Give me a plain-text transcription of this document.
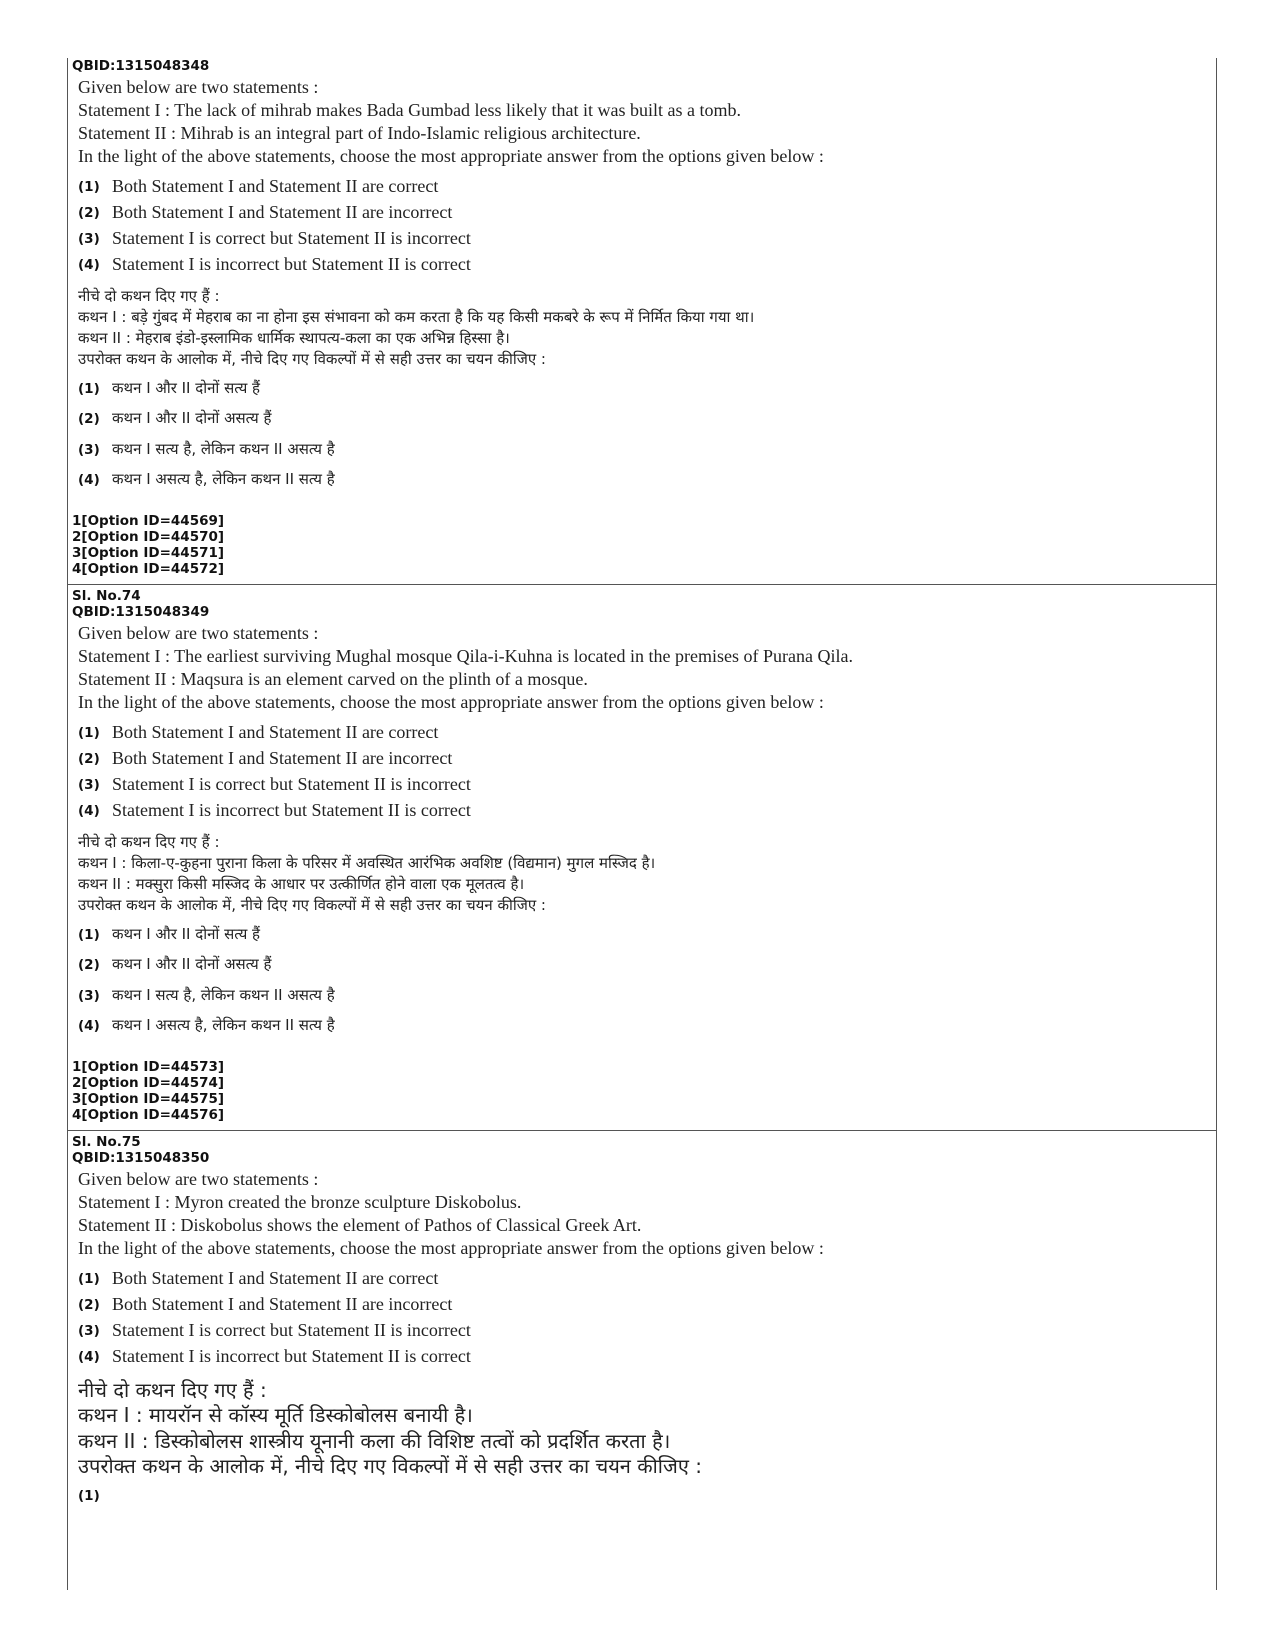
QBID:1315048348
Given below are two statements :
Statement I : The lack of mihrab makes Bada Gumbad less likely that it was built as a tomb.
Statement II : Mihrab is an integral part of Indo-Islamic religious architecture.
In the light of the above statements, choose the most appropriate answer from the options given below :
(1) Both Statement I and Statement II are correct
(2) Both Statement I and Statement II are incorrect
(3) Statement I is correct but Statement II is incorrect
(4) Statement I is incorrect but Statement II is correct
नीचे दो कथन दिए गए हैं :
कथन I : बड़े गुंबद में मेहराब का ना होना इस संभावना को कम करता है कि यह किसी मकबरे के रूप में निर्मित किया गया था।
कथन II : मेहराब इंडो-इस्लामिक धार्मिक स्थापत्य-कला का एक अभिन्न हिस्सा है।
उपरोक्त कथन के आलोक में, नीचे दिए गए विकल्पों में से सही उत्तर का चयन कीजिए :
(1) कथन I और II दोनों सत्य हैं
(2) कथन I और II दोनों असत्य हैं
(3) कथन I सत्य है, लेकिन कथन II असत्य है
(4) कथन I असत्य है, लेकिन कथन II सत्य है
1[Option ID=44569]
2[Option ID=44570]
3[Option ID=44571]
4[Option ID=44572]
Sl. No.74
QBID:1315048349
Given below are two statements :
Statement I : The earliest surviving Mughal mosque Qila-i-Kuhna is located in the premises of Purana Qila.
Statement II : Maqsura is an element carved on the plinth of a mosque.
In the light of the above statements, choose the most appropriate answer from the options given below :
(1) Both Statement I and Statement II are correct
(2) Both Statement I and Statement II are incorrect
(3) Statement I is correct but Statement II is incorrect
(4) Statement I is incorrect but Statement II is correct
नीचे दो कथन दिए गए हैं :
कथन I : किला-ए-कुहना पुराना किला के परिसर में अवस्थित आरंभिक अवशिष्ट (विद्यमान) मुगल मस्जिद है।
कथन II : मक्सुरा किसी मस्जिद के आधार पर उत्कीर्णित होने वाला एक मूलतत्व है।
उपरोक्त कथन के आलोक में, नीचे दिए गए विकल्पों में से सही उत्तर का चयन कीजिए :
(1) कथन I और II दोनों सत्य हैं
(2) कथन I और II दोनों असत्य हैं
(3) कथन I सत्य है, लेकिन कथन II असत्य है
(4) कथन I असत्य है, लेकिन कथन II सत्य है
1[Option ID=44573]
2[Option ID=44574]
3[Option ID=44575]
4[Option ID=44576]
Sl. No.75
QBID:1315048350
Given below are two statements :
Statement I : Myron created the bronze sculpture Diskobolus.
Statement II : Diskobolus shows the element of Pathos of Classical Greek Art.
In the light of the above statements, choose the most appropriate answer from the options given below :
(1) Both Statement I and Statement II are correct
(2) Both Statement I and Statement II are incorrect
(3) Statement I is correct but Statement II is incorrect
(4) Statement I is incorrect but Statement II is correct
नीचे दो कथन दिए गए हैं :
कथन I : मायरॉन से कॉस्य मूर्ति डिस्कोबोलस बनायी है।
कथन II : डिस्कोबोलस शास्त्रीय यूनानी कला की विशिष्ट तत्वों को प्रदर्शित करता है।
उपरोक्त कथन के आलोक में, नीचे दिए गए विकल्पों में से सही उत्तर का चयन कीजिए :
(1)
